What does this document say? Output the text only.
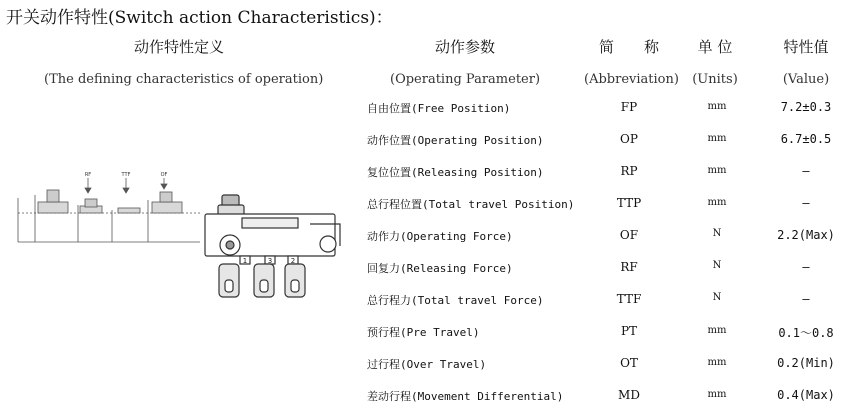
开关动作特性(Switch action Characteristics)：
动作特性定义
(The defining characteristics of operation)
动作参数
(Operating Parameter)
简　　称
(Abbreviation)
单 位
(Units)
特性值
(Value)
自由位置(Free Position)	FP	mm	7.2±0.3
动作位置(Operating Position)	OP	mm	6.7±0.5
复位位置(Releasing Position)	RP	mm	—
总行程位置(Total travel Position)	TTP	mm	—
动作力(Operating Force)	OF	N	2.2(Max)
回复力(Releasing Force)	RF	N	—
总行程力(Total travel Force)	TTF	N	—
预行程(Pre Travel)	PT	mm	0.1～0.8
过行程(Over Travel)	OT	mm	0.2(Min)
差动行程(Movement Differential)	MD	mm	0.4(Max)
RF	TTF	OF
1	3	2
